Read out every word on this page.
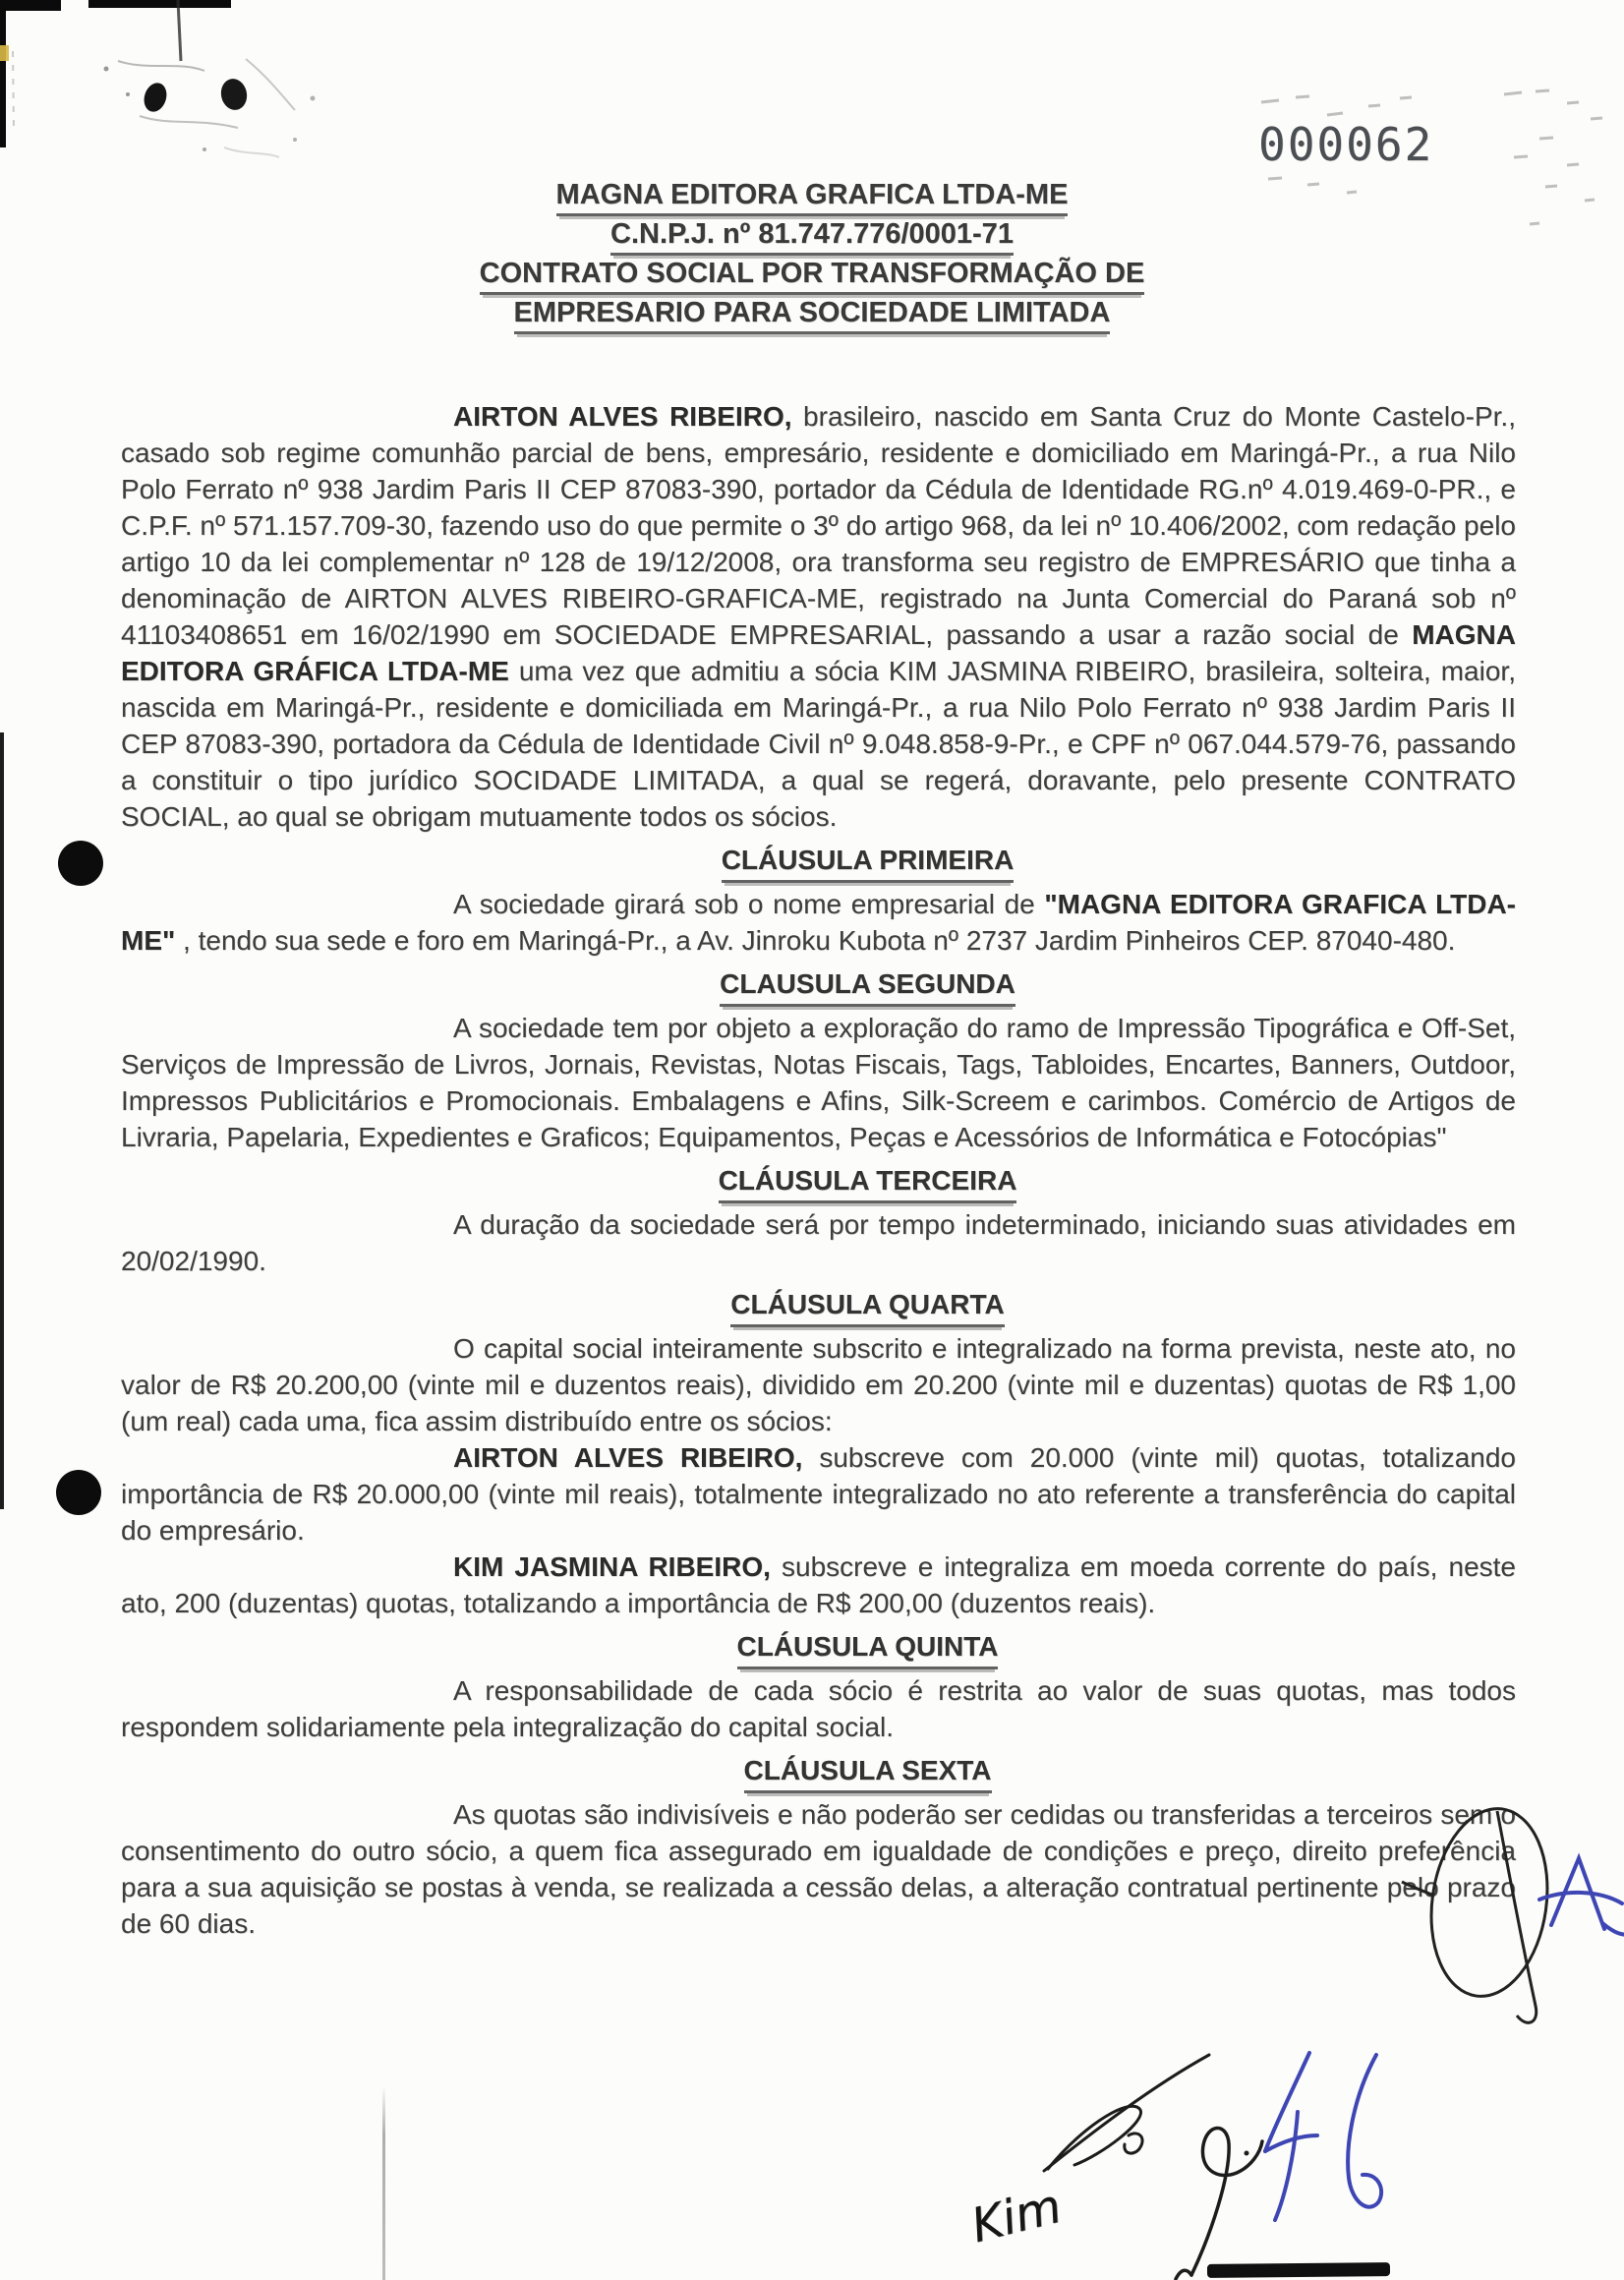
000062
MAGNA EDITORA GRAFICA LTDA-ME
C.N.P.J. nº 81.747.776/0001-71
CONTRATO SOCIAL POR TRANSFORMAÇÃO DE
EMPRESARIO PARA SOCIEDADE LIMITADA

AIRTON ALVES RIBEIRO, brasileiro, nascido em Santa Cruz do Monte Castelo-Pr., casado sob regime comunhão parcial de bens, empresário, residente e domiciliado em Maringá-Pr., a rua Nilo Polo Ferrato nº 938 Jardim Paris II CEP 87083-390, portador da Cédula de Identidade RG.nº 4.019.469-0-PR., e C.P.F. nº 571.157.709-30, fazendo uso do que permite o 3º do artigo 968, da lei nº 10.406/2002, com redação pelo artigo 10 da lei complementar nº 128 de 19/12/2008, ora transforma seu registro de EMPRESÁRIO que tinha a denominação de AIRTON ALVES RIBEIRO-GRAFICA-ME, registrado na Junta Comercial do Paraná sob nº 41103408651 em 16/02/1990 em SOCIEDADE EMPRESARIAL, passando a usar a razão social de MAGNA EDITORA GRÁFICA LTDA-ME uma vez que admitiu a sócia KIM JASMINA RIBEIRO, brasileira, solteira, maior, nascida em Maringá-Pr., residente e domiciliada em Maringá-Pr., a rua Nilo Polo Ferrato nº 938 Jardim Paris II CEP 87083-390, portadora da Cédula de Identidade Civil nº 9.048.858-9-Pr., e CPF nº 067.044.579-76, passando a constituir o tipo jurídico SOCIDADE LIMITADA, a qual se regerá, doravante, pelo presente CONTRATO SOCIAL, ao qual se obrigam mutuamente todos os sócios.

CLÁUSULA PRIMEIRA

A sociedade girará sob o nome empresarial de "MAGNA EDITORA GRAFICA LTDA-ME" , tendo sua sede e foro em Maringá-Pr., a Av. Jinroku Kubota nº 2737 Jardim Pinheiros CEP. 87040-480.

CLAUSULA SEGUNDA

A sociedade tem por objeto a exploração do ramo de Impressão Tipográfica e Off-Set, Serviços de Impressão de Livros, Jornais, Revistas, Notas Fiscais, Tags, Tabloides, Encartes, Banners, Outdoor, Impressos Publicitários e Promocionais. Embalagens e Afins, Silk-Screem e carimbos. Comércio de Artigos de Livraria, Papelaria, Expedientes e Graficos; Equipamentos, Peças e Acessórios de Informática e Fotocópias"

CLÁUSULA TERCEIRA

A duração da sociedade será por tempo indeterminado, iniciando suas atividades em 20/02/1990.

CLÁUSULA QUARTA

O capital social inteiramente subscrito e integralizado na forma prevista, neste ato, no valor de R$ 20.200,00 (vinte mil e duzentos reais), dividido em 20.200 (vinte mil e duzentas) quotas de R$ 1,00 (um real) cada uma, fica assim distribuído entre os sócios:

AIRTON ALVES RIBEIRO, subscreve com 20.000 (vinte mil) quotas, totalizando importância de R$ 20.000,00 (vinte mil reais), totalmente integralizado no ato referente a transferência do capital do empresário.

KIM JASMINA RIBEIRO, subscreve e integraliza em moeda corrente do país, neste ato, 200 (duzentas) quotas, totalizando a importância de R$ 200,00 (duzentos reais).

CLÁUSULA QUINTA

A responsabilidade de cada sócio é restrita ao valor de suas quotas, mas todos respondem solidariamente pela integralização do capital social.

CLÁUSULA SEXTA

As quotas são indivisíveis e não poderão ser cedidas ou transferidas a terceiros sem o consentimento do outro sócio, a quem fica assegurado em igualdade de condições e preço, direito preferência para a sua aquisição se postas à venda, se realizada a cessão delas, a alteração contratual pertinente pelo prazo de 60 dias.

Kim
